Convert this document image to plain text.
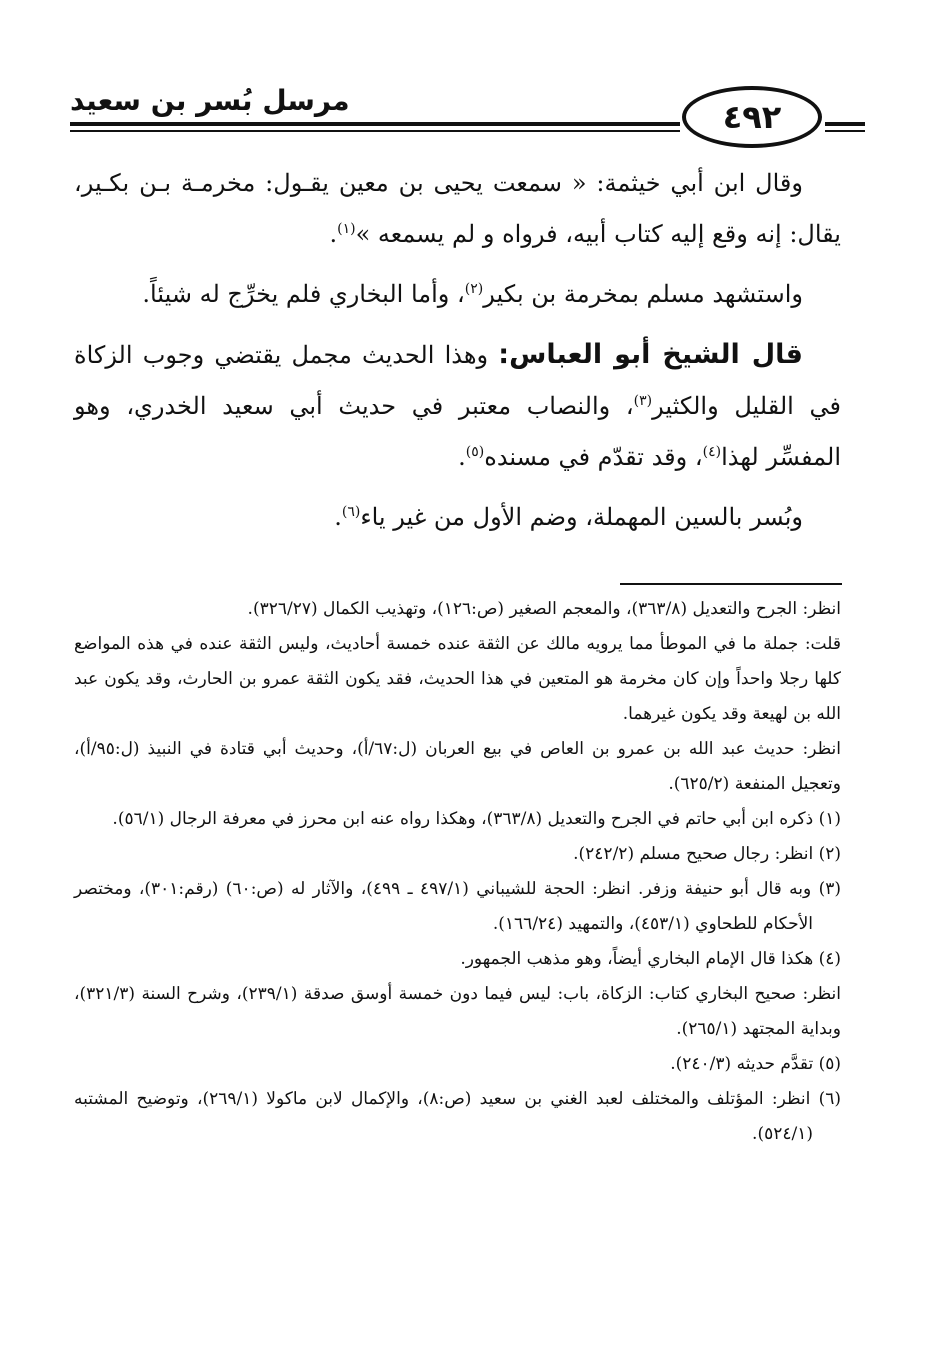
مرسل بُسر بن سعيد	٤٩٢

وقال ابن أبي خيثمة: « سمعت يحيى بن معين يقـول: مخرمـة بـن بكـير، يقال: إنه وقع إليه كتاب أبيه، فرواه و لم يسمعه »$^{(١)}$.

واستشهد مسلم بمخرمة بن بكير$^{(٢)}$، وأما البخاري فلم يخرِّج له شيئاً.

قال الشيخ أبو العباس: وهذا الحديث مجمل يقتضي وجوب الزكاة في القليل والكثير$^{(٣)}$، والنصاب معتبر في حديث أبي سعيد الخدري، وهو المفسِّر لهذا$^{(٤)}$، وقد تقدّم في مسنده$^{(٥)}$.

وبُسر بالسين المهملة، وضم الأول من غير ياء$^{(٦)}$.

انظر: الجرح والتعديل (٣٦٣/٨)، والمعجم الصغير (ص:١٢٦)، وتهذيب الكمال (٣٢٦/٢٧).

قلت: جملة ما في الموطأ مما يرويه مالك عن الثقة عنده خمسة أحاديث، وليس الثقة عنده في هذه المواضع كلها رجلا واحداً وإن كان مخرمة هو المتعين في هذا الحديث، فقد يكون الثقة عمرو بن الحارث، وقد يكون عبد الله بن لهيعة وقد يكون غيرهما.

انظر: حديث عبد الله بن عمرو بن العاص في بيع العربان (ل:٦٧/أ)، وحديث أبي قتادة في النبيذ (ل:٩٥/أ)، وتعجيل المنفعة (٦٢٥/٢).

(١) ذكره ابن أبي حاتم في الجرح والتعديل (٣٦٣/٨)، وهكذا رواه عنه ابن محرز في معرفة الرجال (٥٦/١).

(٢) انظر: رجال صحيح مسلم (٢٤٢/٢).

(٣) وبه قال أبو حنيفة وزفر. انظر: الحجة للشيباني (٤٩٧/١ ـ ٤٩٩)، والآثار له (ص:٦٠) (رقم:٣٠١)، ومختصر الأحكام للطحاوي (٤٥٣/١)، والتمهيد (١٦٦/٢٤).

(٤) هكذا قال الإمام البخاري أيضاً، وهو مذهب الجمهور.

انظر: صحيح البخاري كتاب: الزكاة، باب: ليس فيما دون خمسة أوسق صدقة (٢٣٩/١)، وشرح السنة (٣٢١/٣)، وبداية المجتهد (٢٦٥/١).

(٥) تقدَّم حديثه (٢٤٠/٣).

(٦) انظر: المؤتلف والمختلف لعبد الغني بن سعيد (ص:٨)، والإكمال لابن ماكولا (٢٦٩/١)، وتوضيح المشتبه (٥٢٤/١).
